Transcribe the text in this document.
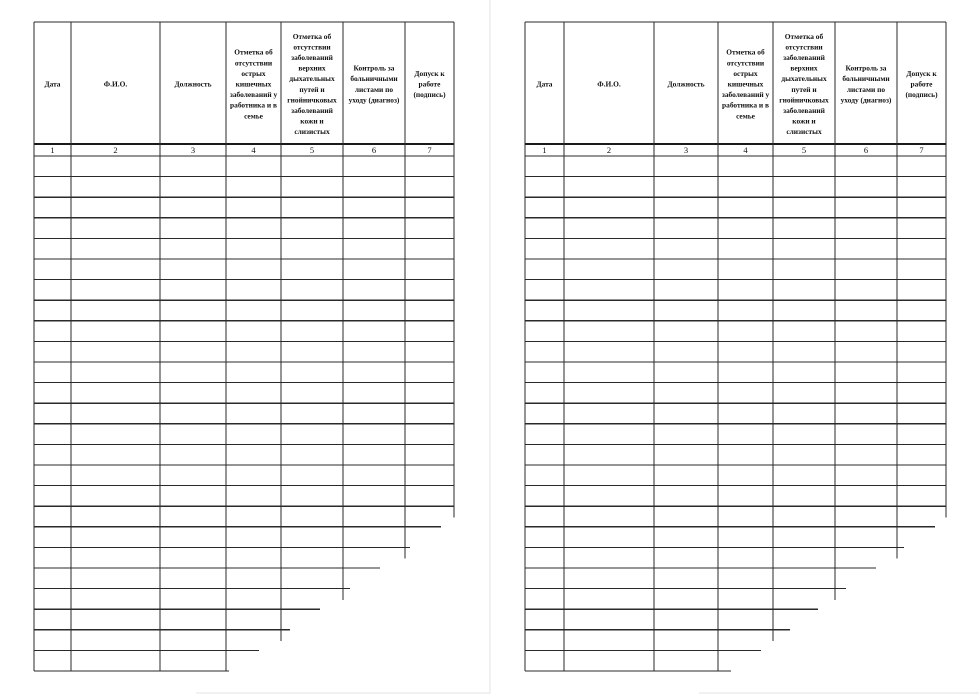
Дата
1
Ф.И.О.
2
Должность
3
Отметка об
отсутствии
острых
кишечных
заболеваний у
работника и в
семье
4
Отметка об
отсутствии
заболеваний
верхних
дыхательных
путей и
гнойничковых
заболеваний
кожи и
слизистых
5
Контроль за
больничными
листами по
уходу (диагноз)
6
Допуск к
работе
(подпись)
7
Дата
1
Ф.И.О.
2
Должность
3
Отметка об
отсутствии
острых
кишечных
заболеваний у
работника и в
семье
4
Отметка об
отсутствии
заболеваний
верхних
дыхательных
путей и
гнойничковых
заболеваний
кожи и
слизистых
5
Контроль за
больничными
листами по
уходу (диагноз)
6
Допуск к
работе
(подпись)
7
